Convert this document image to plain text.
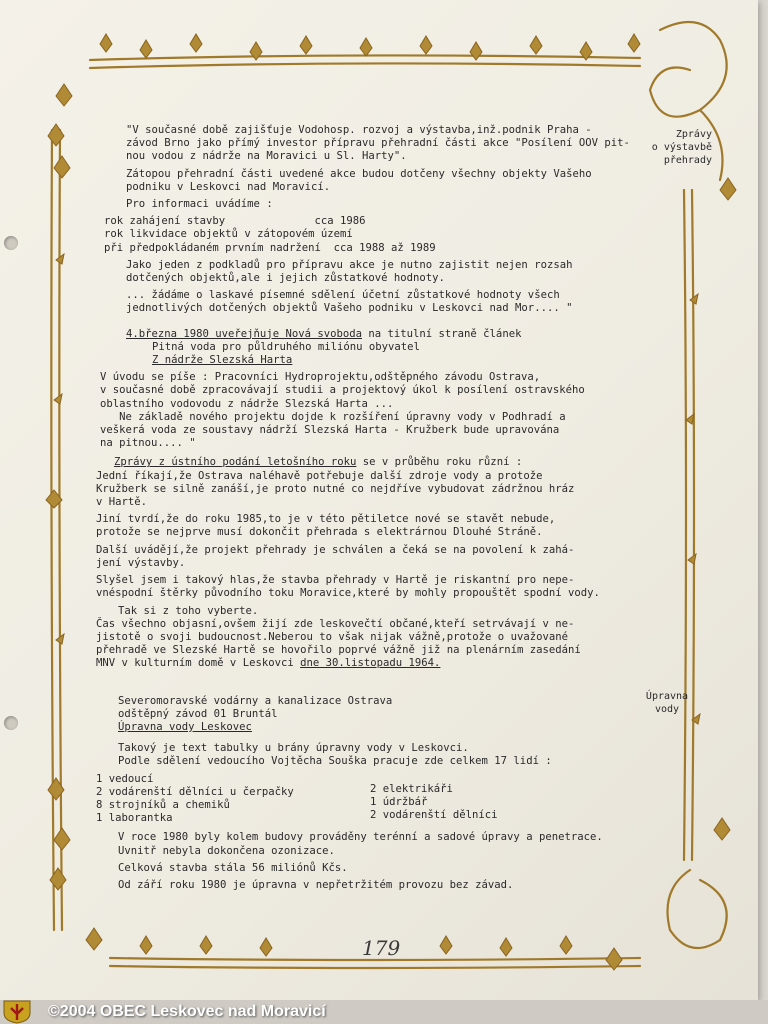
Zprávy
o výstavbě
přehrady
Úpravna
vody
"V současné době zajišťuje Vodohosp. rozvoj a výstavba,inž.podnik Praha -
závod Brno jako přímý investor přípravu přehradní části akce "Posílení OOV pit-
nou vodou z nádrže na Moravici u Sl. Harty".
Zátopou přehradní části uvedené akce budou dotčeny všechny objekty Vašeho
podniku v Leskovci nad Moravicí.
Pro informaci uvádíme :
rok zahájení stavby              cca 1986
rok likvidace objektů v zátopovém území
při předpokládaném prvním nadržení  cca 1988 až 1989
Jako jeden z podkladů pro přípravu akce je nutno zajistit nejen rozsah
dotčených objektů,ale i jejich zůstatkové hodnoty.
... žádáme o laskavé písemné sdělení účetní zůstatkové hodnoty všech
jednotlivých dotčených objektů Vašeho podniku v Leskovci nad Mor.... "
4.března 1980 uveřejňuje Nová svoboda na titulní straně článek
Pitná voda pro půldruhého miliónu obyvatel
Z nádrže Slezská Harta
V úvodu se píše : Pracovníci Hydroprojektu,odštěpného závodu Ostrava,
v současné době zpracovávají studii a projektový úkol k posílení ostravského
oblastního vodovodu z nádrže Slezská Harta ...
Ne základě nového projektu dojde k rozšíření úpravny vody v Podhradí a
veškerá voda ze soustavy nádrží Slezská Harta - Kružberk bude upravována
na pitnou.... "
Zprávy z ústního podání letošního roku se v průběhu roku různí :
Jední říkají,že Ostrava naléhavě potřebuje další zdroje vody a protože
Kružberk se silně zanáší,je proto nutné co nejdříve vybudovat zádržnou hráz
v Hartě.
Jiní tvrdí,že do roku 1985,to je v této pětiletce nové se stavět nebude,
protože se nejprve musí dokončit přehrada s elektrárnou Dlouhé Stráně.
Další uvádějí,že projekt přehrady je schválen a čeká se na povolení k zahá-
jení výstavby.
Slyšel jsem i takový hlas,že stavba přehrady v Hartě je riskantní pro nepe-
vnéspodní štěrky původního toku Moravice,které by mohly propouštět spodní vody.
Tak si z toho vyberte.
Čas všechno objasní,ovšem žijí zde leskovečtí občané,kteří setrvávají v ne-
jistotě o svoji budoucnost.Neberou to však nijak vážně,protože o uvažované
přehradě ve Slezské Hartě se hovořilo poprvé vážně již na plenárním zasedání
MNV v kulturním domě v Leskovci dne 30.listopadu 1964.
Severomoravské vodárny a kanalizace Ostrava
odštěpný závod 01 Bruntál
Úpravna vody Leskovec
Takový je text tabulky u brány úpravny vody v Leskovci.
Podle sdělení vedoucího Vojtěcha Souška pracuje zde celkem 17 lidí :
1 vedoucí
2 vodárenští dělníci u čerpačky
8 strojníků a chemiků
1 laborantka
2 elektrikáři
1 údržbář
2 vodárenští dělníci
V roce 1980 byly kolem budovy prováděny terénní a sadové úpravy a penetrace.
Uvnitř nebyla dokončena ozonizace.
Celková stavba stála 56 miliónů Kčs.
Od září roku 1980 je úpravna v nepřetržitém provozu bez závad.
179
©2004 OBEC Leskovec nad Moravicí
